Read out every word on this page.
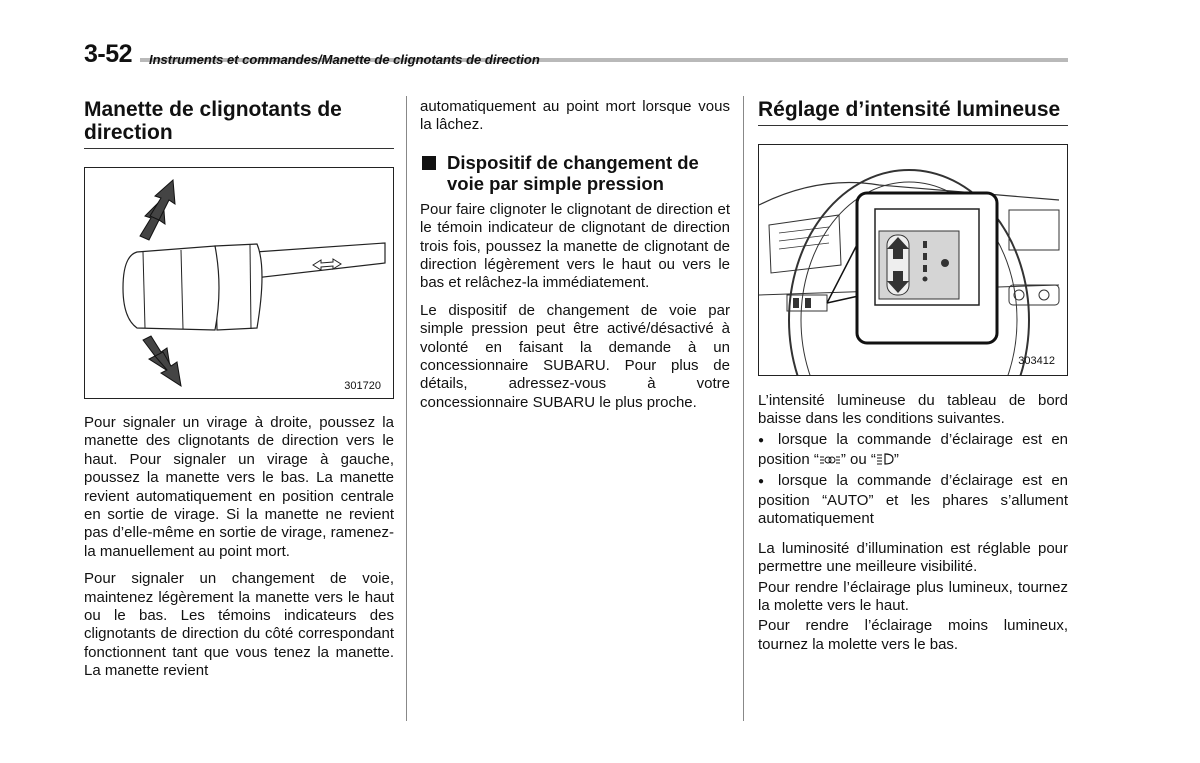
3-52 Instruments et commandes/Manette de clignotants de direction
Manette de clignotants de direction
301720

Pour signaler un virage à droite, poussez la manette des clignotants de direction vers le haut. Pour signaler un virage à gauche, poussez la manette vers le bas. La manette revient automatiquement en position centrale en sortie de virage. Si la manette ne revient pas d’elle-même en sortie de virage, ramenez-la manuellement au point mort.

Pour signaler un changement de voie, maintenez légèrement la manette vers le haut ou le bas. Les témoins indicateurs des clignotants de direction du côté correspondant fonctionnent tant que vous tenez la manette. La manette revient

automatiquement au point mort lorsque vous la lâchez.

Dispositif de changement de voie par simple pression

Pour faire clignoter le clignotant de direction et le témoin indicateur de clignotant de direction trois fois, poussez la manette de clignotant de direction légèrement vers le haut ou vers le bas et relâchez-la immédiatement.

Le dispositif de changement de voie par simple pression peut être activé/désactivé à volonté en faisant la demande à un concessionnaire SUBARU. Pour plus de détails, adressez-vous à votre concessionnaire SUBARU le plus proche.

Réglage d’intensité lumineuse
303412

L’intensité lumineuse du tableau de bord baisse dans les conditions suivantes.

● lorsque la commande d’éclairage est en position “ ” ou “ ”

● lorsque la commande d’éclairage est en position “AUTO” et les phares s’allument automatiquement

La luminosité d’illumination est réglable pour permettre une meilleure visibilité.

Pour rendre l’éclairage plus lumineux, tournez la molette vers le haut.

Pour rendre l’éclairage moins lumineux, tournez la molette vers le bas.
